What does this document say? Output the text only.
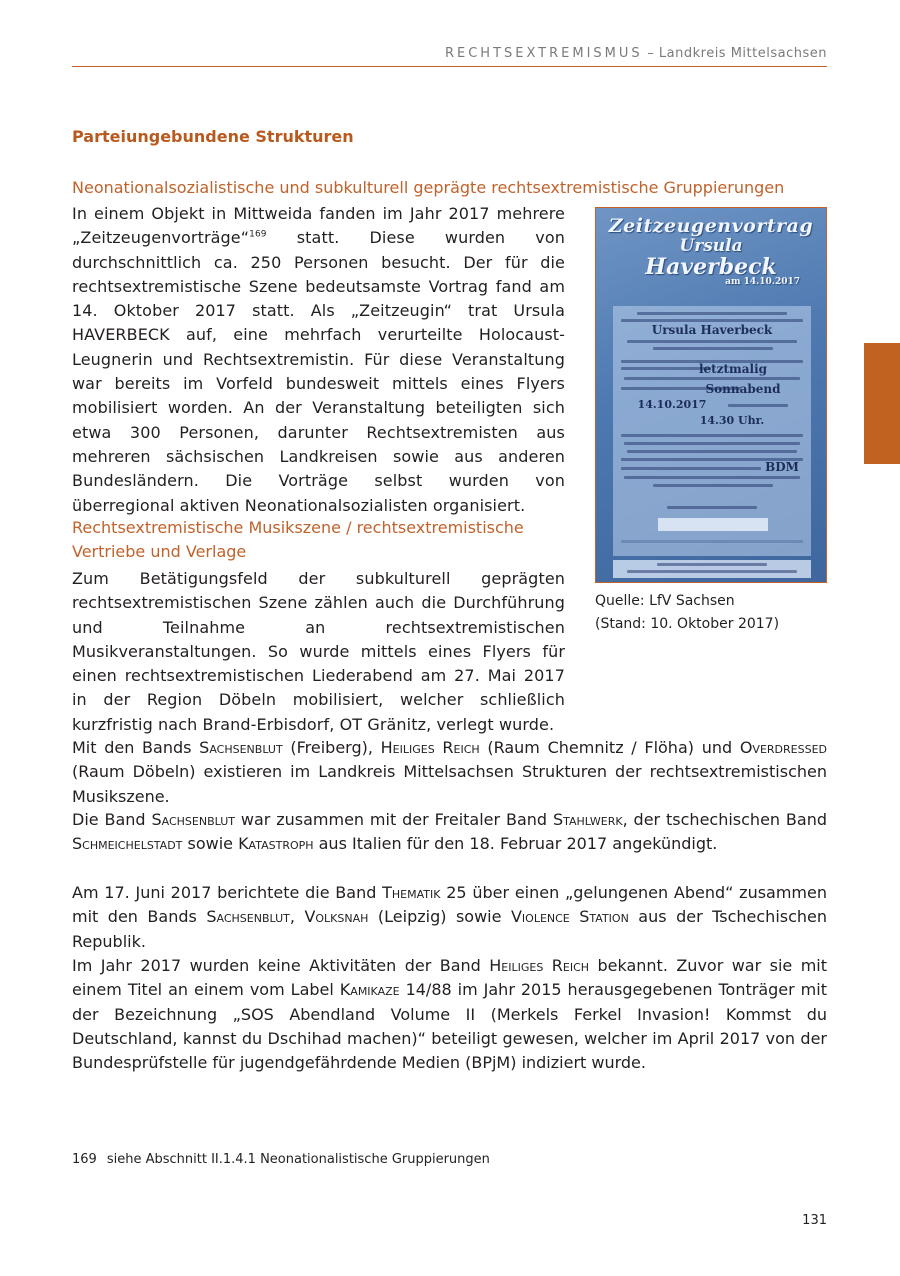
RECHTSEXTREMISMUS – Landkreis Mittelsachsen
Parteiungebundene Strukturen
Neonationalsozialistische und subkulturell geprägte rechtsextremistische Gruppierungen

In einem Objekt in Mittweida fanden im Jahr 2017 mehrere „Zeitzeugenvorträge“$^{169}$ statt. Diese wurden von durchschnittlich ca. 250 Personen besucht. Der für die rechtsextremistische Szene bedeutsamste Vortrag fand am 14. Oktober 2017 statt. Als „Zeitzeugin“ trat Ursula HAVERBECK auf, eine mehrfach verurteilte Holocaust-Leugnerin und Rechtsextremistin. Für diese Veranstaltung war bereits im Vorfeld bundesweit mittels eines Flyers mobilisiert worden. An der Veranstaltung beteiligten sich etwa 300 Personen, darunter Rechtsextremisten aus mehreren sächsischen Landkreisen sowie aus anderen Bundesländern. Die Vorträge selbst wurden von überregional aktiven Neonationalsozialisten organisiert.

Rechtsextremistische Musikszene / rechtsextremistische
Vertriebe und Verlage

Zum Betätigungsfeld der subkulturell geprägten rechtsextremistischen Szene zählen auch die Durchführung und Teilnahme an rechtsextremistischen Musikveranstaltungen. So wurde mittels eines Flyers für einen rechtsextremistischen Liederabend am 27. Mai 2017 in der Region Döbeln mobilisiert, welcher schließlich kurzfristig nach Brand-Erbisdorf, OT Gränitz, verlegt wurde.

Zeitzeugenvortrag
Ursula
Haverbeck
am 14.10.2017
Ursula Haverbeck
letztmalig
Sonnabend
14.10.2017
14.30 Uhr.
BDM

Quelle: LfV Sachsen
(Stand: 10. Oktober 2017)

Mit den Bands Sachsenblut (Freiberg), Heiliges Reich (Raum Chemnitz / Flöha) und Overdressed (Raum Döbeln) existieren im Landkreis Mittelsachsen Strukturen der rechtsextremistischen Musikszene.

Die Band Sachsenblut war zusammen mit der Freitaler Band Stahlwerk, der tschechischen Band Schmeichelstadt sowie Katastroph aus Italien für den 18. Februar 2017 angekündigt.

Am 17. Juni 2017 berichtete die Band Thematik 25 über einen „gelungenen Abend“ zusammen mit den Bands Sachsenblut, Volksnah (Leipzig) sowie Violence Station aus der Tschechischen Republik.

Im Jahr 2017 wurden keine Aktivitäten der Band Heiliges Reich bekannt. Zuvor war sie mit einem Titel an einem vom Label Kamikaze 14/88 im Jahr 2015 herausgegebenen Tonträger mit der Bezeichnung „SOS Abendland Volume II (Merkels Ferkel Invasion! Kommst du Deutschland, kannst du Dschihad machen)“ beteiligt gewesen, welcher im April 2017 von der Bundesprüfstelle für jugendgefährdende Medien (BPjM) indiziert wurde.

169 siehe Abschnitt II.1.4.1 Neonationalistische Gruppierungen

131
